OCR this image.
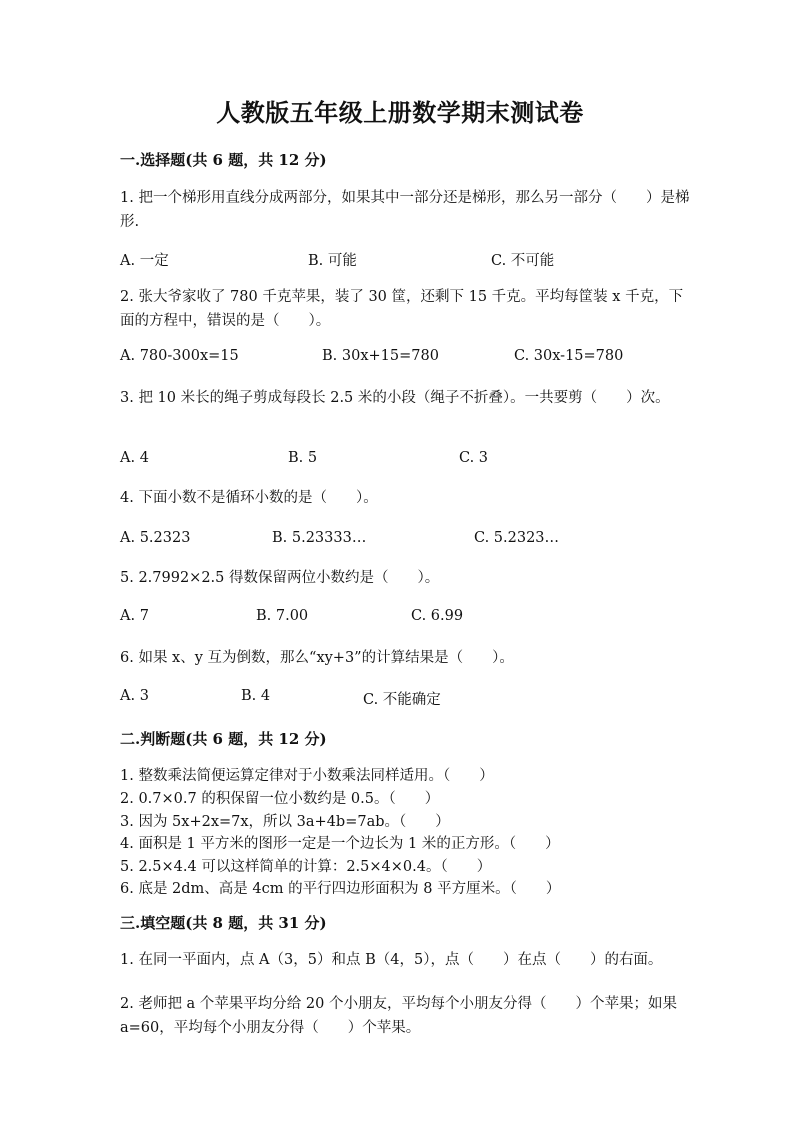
人教版五年级上册数学期末测试卷
一.选择题(共 6 题，共 12 分)
1. 把一个梯形用直线分成两部分，如果其中一部分还是梯形，那么另一部分（　　）是梯形.
A. 一定	B. 可能	C. 不可能
2. 张大爷家收了 780 千克苹果，装了 30 筐，还剩下 15 千克。平均每筐装 x 千克，下面的方程中，错误的是（　　）。
A. 780-300x=15	B. 30x+15=780	C. 30x-15=780
3. 把 10 米长的绳子剪成每段长 2.5 米的小段（绳子不折叠）。一共要剪（　　）次。
A. 4	B. 5	C. 3
4. 下面小数不是循环小数的是（　　）。
A. 5.2323	B. 5.23333…	C. 5.2323…
5. 2.7992×2.5 得数保留两位小数约是（　　）。
A. 7	B. 7.00	C. 6.99
6. 如果 x、y 互为倒数，那么“xy+3”的计算结果是（　　）。
A. 3	B. 4	C. 不能确定
二.判断题(共 6 题，共 12 分)
1. 整数乘法简便运算定律对于小数乘法同样适用。（　　）
2. 0.7×0.7 的积保留一位小数约是 0.5。（　　）
3. 因为 5x+2x=7x，所以 3a+4b=7ab。（　　）
4. 面积是 1 平方米的图形一定是一个边长为 1 米的正方形。（　　）
5. 2.5×4.4 可以这样简单的计算：2.5×4×0.4。（　　）
6. 底是 2dm、高是 4cm 的平行四边形面积为 8 平方厘米。（　　）
三.填空题(共 8 题，共 31 分)
1. 在同一平面内，点 A（3，5）和点 B（4，5），点（　　）在点（　　）的右面。
2. 老师把 a 个苹果平均分给 20 个小朋友，平均每个小朋友分得（　　）个苹果；如果 a=60，平均每个小朋友分得（　　）个苹果。
